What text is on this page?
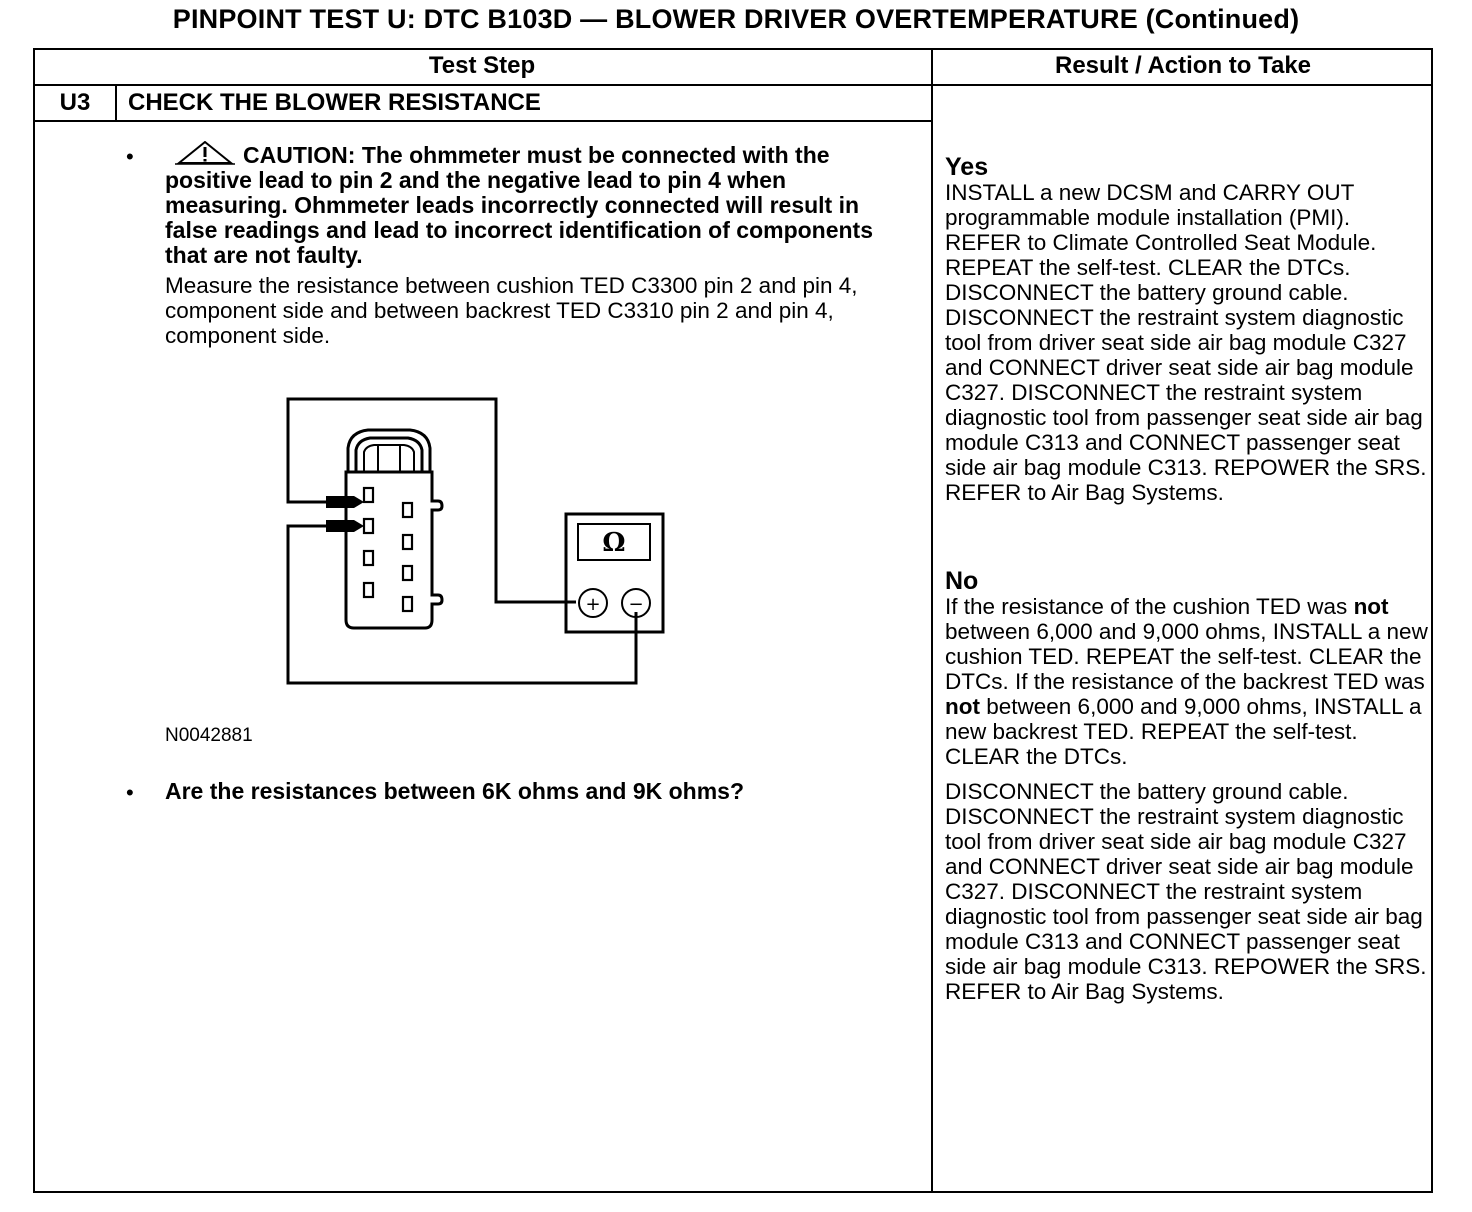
PINPOINT TEST U: DTC B103D — BLOWER DRIVER OVERTEMPERATURE (Continued)
Test Step	Result / Action to Take
U3	CHECK THE BLOWER RESISTANCE
•	CAUTION: The ohmmeter must be connected with the positive lead to pin 2 and the negative lead to pin 4 when measuring. Ohmmeter leads incorrectly connected will result in false readings and lead to incorrect identification of components that are not faulty.
Measure the resistance between cushion TED C3300 pin 2 and pin 4, component side and between backrest TED C3310 pin 2 and pin 4, component side.
Ω
+ −
N0042881
• Are the resistances between 6K ohms and 9K ohms?
Yes

INSTALL a new DCSM and CARRY OUT programmable module installation (PMI). REFER to Climate Controlled Seat Module. REPEAT the self-test. CLEAR the DTCs. DISCONNECT the battery ground cable. DISCONNECT the restraint system diagnostic tool from driver seat side air bag module C327 and CONNECT driver seat side air bag module C327. DISCONNECT the restraint system diagnostic tool from passenger seat side air bag module C313 and CONNECT passenger seat side air bag module C313. REPOWER the SRS. REFER to Air Bag Systems.

No

If the resistance of the cushion TED was not between 6,000 and 9,000 ohms, INSTALL a new cushion TED. REPEAT the self-test. CLEAR the DTCs. If the resistance of the backrest TED was not between 6,000 and 9,000 ohms, INSTALL a new backrest TED. REPEAT the self-test. CLEAR the DTCs.

DISCONNECT the battery ground cable. DISCONNECT the restraint system diagnostic tool from driver seat side air bag module C327 and CONNECT driver seat side air bag module C327. DISCONNECT the restraint system diagnostic tool from passenger seat side air bag module C313 and CONNECT passenger seat side air bag module C313. REPOWER the SRS. REFER to Air Bag Systems.
